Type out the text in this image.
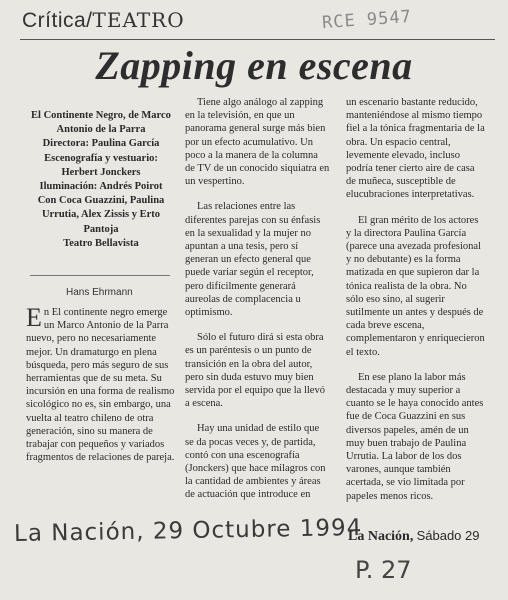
Crítica/TEATRO	RCE 9547
Zapping en escena
El Continente Negro, de Marco Antonio de la Parra
Directora: Paulina García
Escenografía y vestuario: Herbert Jonckers
Iluminación: Andrés Poirot
Con Coca Guazzini, Paulina Urrutia, Alex Zissis y Erto Pantoja
Teatro Bellavista
Hans Ehrmann

En El continente negro emerge un Marco Antonio de la Parra nuevo, pero no necesariamente mejor. Un dramaturgo en plena búsqueda, pero más seguro de sus herramientas que de su meta. Su incursión en una forma de realismo sicológico no es, sin embargo, una vuelta al teatro chileno de otra generación, sino su manera de trabajar con pequeños y variados fragmentos de relaciones de pareja.

Tiene algo análogo al zapping en la televisión, en que un panorama general surge más bien por un efecto acumulativo. Un poco a la manera de la columna de TV de un conocido siquiatra en un vespertino.

Las relaciones entre las diferentes parejas con su énfasis en la sexualidad y la mujer no apuntan a una tesis, pero sí generan un efecto general que puede variar según el receptor, pero difícilmente generará aureolas de complacencia u optimismo.

Sólo el futuro dirá si esta obra es un paréntesis o un punto de transición en la obra del autor, pero sin duda estuvo muy bien servida por el equipo que la llevó a escena.

Hay una unidad de estilo que se da pocas veces y, de partida, contó con una escenografía (Jonckers) que hace milagros con la cantidad de ambientes y áreas de actuación que introduce en

un escenario bastante reducido, manteniéndose al mismo tiempo fiel a la tónica fragmentaria de la obra. Un espacio central, levemente elevado, incluso podría tener cierto aire de casa de muñeca, susceptible de elucubraciones interpretativas.

El gran mérito de los actores y la directora Paulina García (parece una avezada profesional y no debutante) es la forma matizada en que supieron dar la tónica realista de la obra. No sólo eso sino, al sugerir sutilmente un antes y después de cada breve escena, complementaron y enriquecieron el texto.

En ese plano la labor más destacada y muy superior a cuanto se le haya conocido antes fue de Coca Guazzini en sus diversos papeles, amén de un muy buen trabajo de Paulina Urrutia. La labor de los dos varones, aunque también acertada, se vio limitada por papeles menos ricos.

La Nación, 29 Octubre 1994
La Nación, Sábado 29
P. 27
